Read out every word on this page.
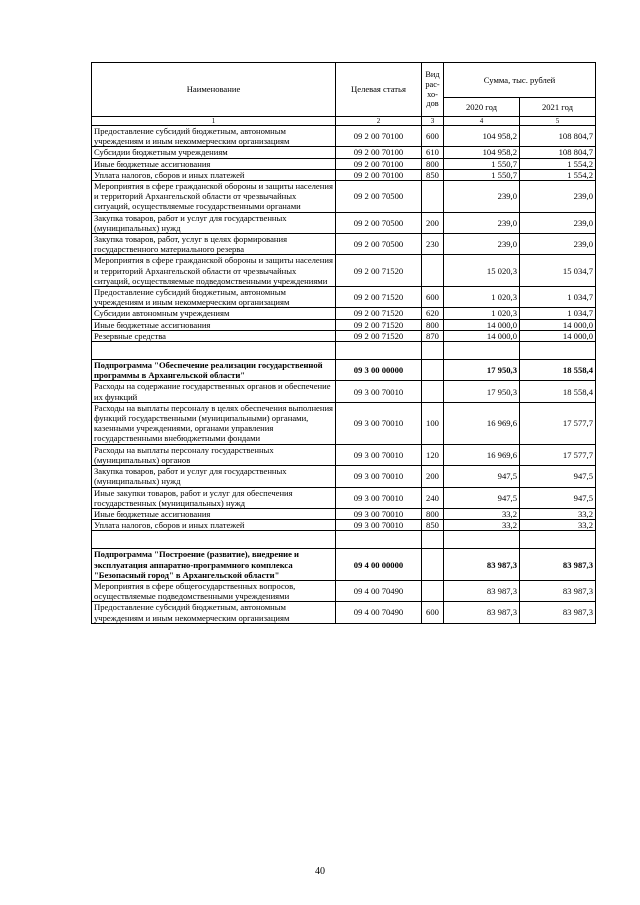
Наименование	Целевая статья	Вид рас-хо-дов	Сумма, тыс. рублей	
			2020 год	2021 год
1	2	3	4	5
Предоставление субсидий бюджетным, автономным учреждениям и иным некоммерческим организациям	09 2 00 70100	600	104 958,2	108 804,7
Субсидии бюджетным учреждениям	09 2 00 70100	610	104 958,2	108 804,7
Иные бюджетные ассигнования	09 2 00 70100	800	1 550,7	1 554,2
Уплата налогов, сборов и иных платежей	09 2 00 70100	850	1 550,7	1 554,2
Мероприятия в сфере гражданской обороны и защиты населения и территорий Архангельской области от чрезвычайных ситуаций, осуществляемые государственными органами	09 2 00 70500		239,0	239,0
Закупка товаров, работ и услуг для государственных (муниципальных) нужд	09 2 00 70500	200	239,0	239,0
Закупка товаров, работ, услуг в целях формирования государственного материального резерва	09 2 00 70500	230	239,0	239,0
Мероприятия в сфере гражданской обороны и защиты населения и территорий Архангельской области от чрезвычайных ситуаций, осуществляемые подведомственными учреждениями	09 2 00 71520		15 020,3	15 034,7
Предоставление субсидий бюджетным, автономным учреждениям и иным некоммерческим организациям	09 2 00 71520	600	1 020,3	1 034,7
Субсидии автономным учреждениям	09 2 00 71520	620	1 020,3	1 034,7
Иные бюджетные ассигнования	09 2 00 71520	800	14 000,0	14 000,0
Резервные средства	09 2 00 71520	870	14 000,0	14 000,0

Подпрограмма "Обеспечение реализации государственной программы в Архангельской области"	09 3 00 00000		17 950,3	18 558,4
Расходы на содержание государственных органов и обеспечение их функций	09 3 00 70010		17 950,3	18 558,4
Расходы на выплаты персоналу в целях обеспечения выполнения функций государственными (муниципальными) органами, казенными учреждениями, органами управления государственными внебюджетными фондами	09 3 00 70010	100	16 969,6	17 577,7
Расходы на выплаты персоналу государственных (муниципальных) органов	09 3 00 70010	120	16 969,6	17 577,7
Закупка товаров, работ и услуг для государственных (муниципальных) нужд	09 3 00 70010	200	947,5	947,5
Иные закупки товаров, работ и услуг для обеспечения государственных (муниципальных) нужд	09 3 00 70010	240	947,5	947,5
Иные бюджетные ассигнования	09 3 00 70010	800	33,2	33,2
Уплата налогов, сборов и иных платежей	09 3 00 70010	850	33,2	33,2

Подпрограмма "Построение (развитие), внедрение и эксплуатация аппаратно-программного комплекса "Безопасный город" в Архангельской области"	09 4 00 00000		83 987,3	83 987,3
Мероприятия в сфере общегосударственных вопросов, осуществляемые подведомственными учреждениями	09 4 00 70490		83 987,3	83 987,3
Предоставление субсидий бюджетным, автономным учреждениям и иным некоммерческим организациям	09 4 00 70490	600	83 987,3	83 987,3
40
